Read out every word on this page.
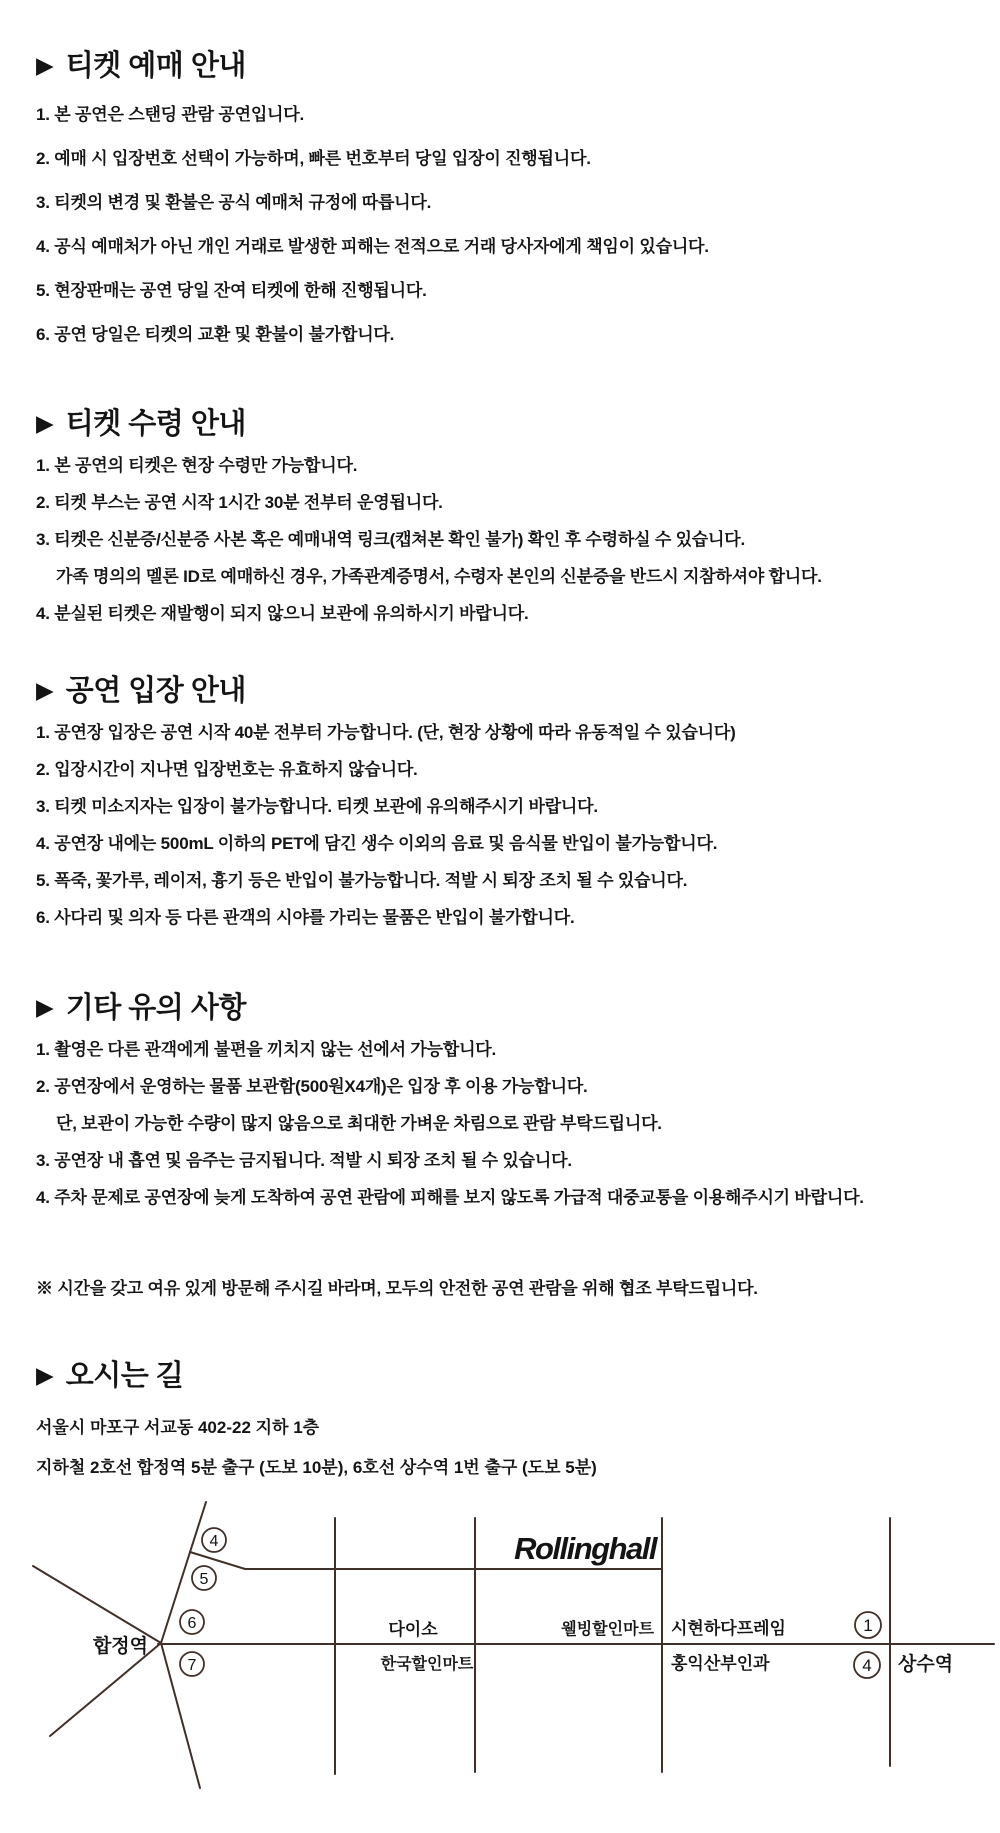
▶ 티켓 예매 안내
1. 본 공연은 스탠딩 관람 공연입니다.
2. 예매 시 입장번호 선택이 가능하며, 빠른 번호부터 당일 입장이 진행됩니다.
3. 티켓의 변경 및 환불은 공식 예매처 규정에 따릅니다.
4. 공식 예매처가 아닌 개인 거래로 발생한 피해는 전적으로 거래 당사자에게 책임이 있습니다.
5. 현장판매는 공연 당일 잔여 티켓에 한해 진행됩니다.
6. 공연 당일은 티켓의 교환 및 환불이 불가합니다.
▶ 티켓 수령 안내
1. 본 공연의 티켓은 현장 수령만 가능합니다.
2. 티켓 부스는 공연 시작 1시간 30분 전부터 운영됩니다.
3. 티켓은 신분증/신분증 사본 혹은 예매내역 링크(캡쳐본 확인 불가) 확인 후 수령하실 수 있습니다.
가족 명의의 멜론 ID로 예매하신 경우, 가족관계증명서, 수령자 본인의 신분증을 반드시 지참하셔야 합니다.
4. 분실된 티켓은 재발행이 되지 않으니 보관에 유의하시기 바랍니다.
▶ 공연 입장 안내
1. 공연장 입장은 공연 시작 40분 전부터 가능합니다. (단, 현장 상황에 따라 유동적일 수 있습니다)
2. 입장시간이 지나면 입장번호는 유효하지 않습니다.
3. 티켓 미소지자는 입장이 불가능합니다. 티켓 보관에 유의해주시기 바랍니다.
4. 공연장 내에는 500mL 이하의 PET에 담긴 생수 이외의 음료 및 음식물 반입이 불가능합니다.
5. 폭죽, 꽃가루, 레이저, 흉기 등은 반입이 불가능합니다. 적발 시 퇴장 조치 될 수 있습니다.
6. 사다리 및 의자 등 다른 관객의 시야를 가리는 물품은 반입이 불가합니다.
▶ 기타 유의 사항
1. 촬영은 다른 관객에게 불편을 끼치지 않는 선에서 가능합니다.
2. 공연장에서 운영하는 물품 보관함(500원X4개)은 입장 후 이용 가능합니다.
단, 보관이 가능한 수량이 많지 않음으로 최대한 가벼운 차림으로 관람 부탁드립니다.
3. 공연장 내 흡연 및 음주는 금지됩니다. 적발 시 퇴장 조치 될 수 있습니다.
4. 주차 문제로 공연장에 늦게 도착하여 공연 관람에 피해를 보지 않도록 가급적 대중교통을 이용해주시기 바랍니다.
※ 시간을 갖고 여유 있게 방문해 주시길 바라며, 모두의 안전한 공연 관람을 위해 협조 부탁드립니다.
▶ 오시는 길
서울시 마포구 서교동 402-22 지하 1층
지하철 2호선 합정역 5분 출구 (도보 10분), 6호선 상수역 1번 출구 (도보 5분)
Rollinghall
합정역
상수역
다이소
한국할인마트
웰빙할인마트 시현하다프레임
홍익산부인과
4
5
6
7
1
4
